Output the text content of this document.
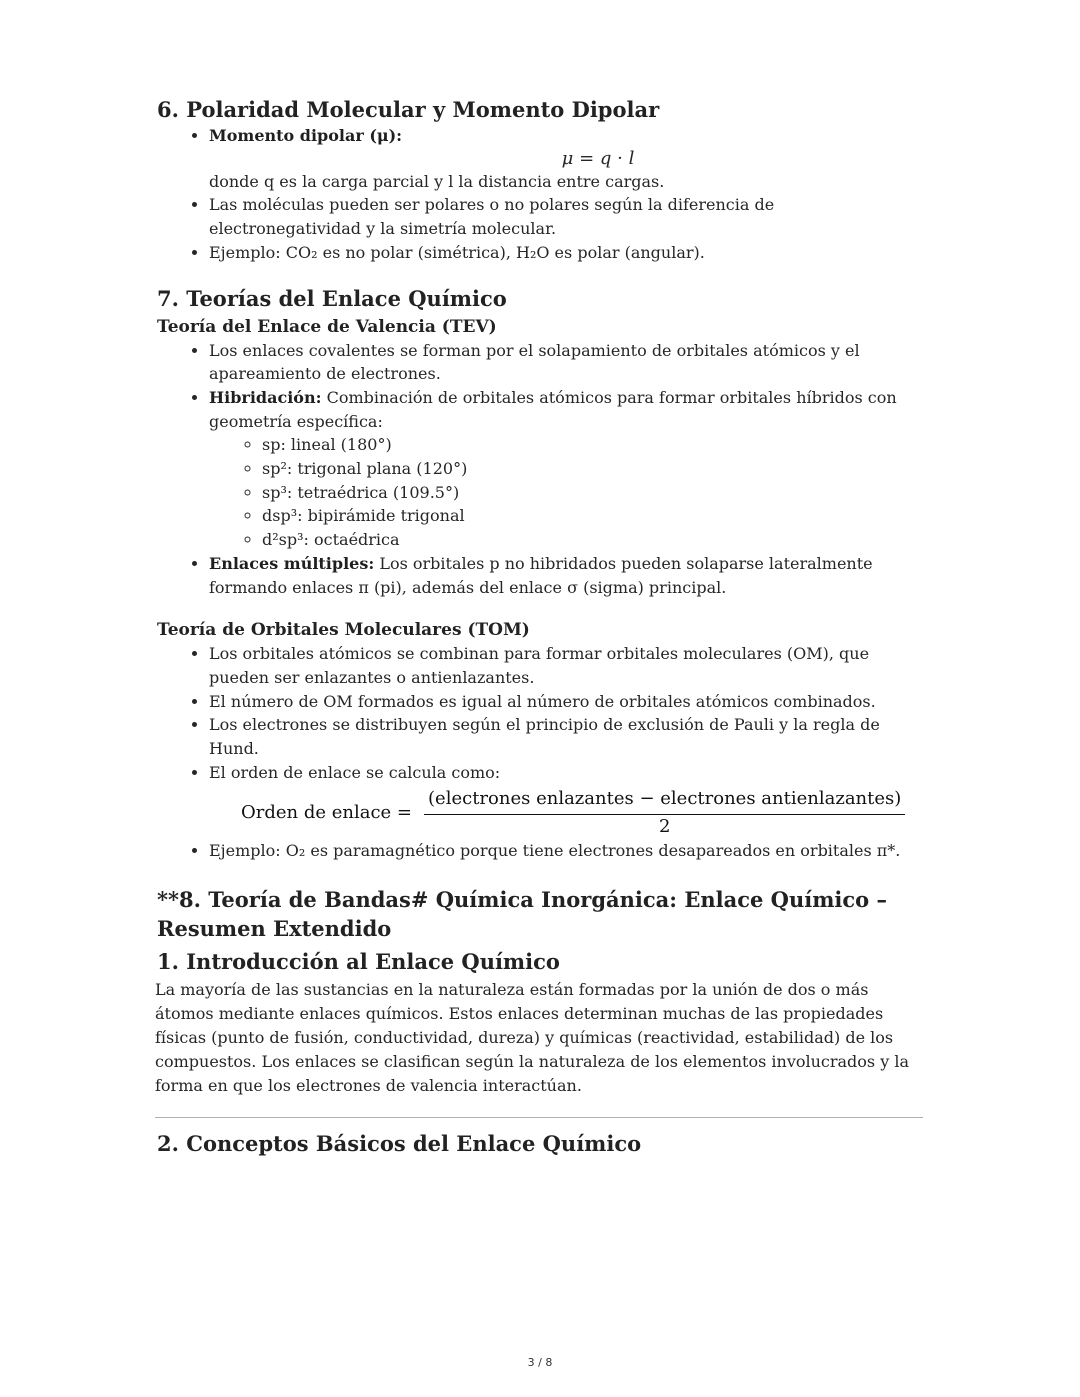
6. Polaridad Molecular y Momento Dipolar
• Momento dipolar (μ):
μ = q · l
donde q es la carga parcial y l la distancia entre cargas.
• Las moléculas pueden ser polares o no polares según la diferencia de electronegatividad y la simetría molecular.
• Ejemplo: CO₂ es no polar (simétrica), H₂O es polar (angular).
7. Teorías del Enlace Químico
Teoría del Enlace de Valencia (TEV)
• Los enlaces covalentes se forman por el solapamiento de orbitales atómicos y el apareamiento de electrones.
• Hibridación: Combinación de orbitales atómicos para formar orbitales híbridos con geometría específica:
◦ sp: lineal (180°)
◦ sp²: trigonal plana (120°)
◦ sp³: tetraédrica (109.5°)
◦ dsp³: bipirámide trigonal
◦ d²sp³: octaédrica
• Enlaces múltiples: Los orbitales p no hibridados pueden solaparse lateralmente formando enlaces π (pi), además del enlace σ (sigma) principal.
Teoría de Orbitales Moleculares (TOM)
• Los orbitales atómicos se combinan para formar orbitales moleculares (OM), que pueden ser enlazantes o antienlazantes.
• El número de OM formados es igual al número de orbitales atómicos combinados.
• Los electrones se distribuyen según el principio de exclusión de Pauli y la regla de Hund.
• El orden de enlace se calcula como:
Orden de enlace = $\frac{\text{(electrones enlazantes − electrones antienlazantes)}}{2}$
• Ejemplo: O₂ es paramagnético porque tiene electrones desapareados en orbitales π*.
**8. Teoría de Bandas# Química Inorgánica: Enlace Químico – Resumen Extendido
1. Introducción al Enlace Químico

La mayoría de las sustancias en la naturaleza están formadas por la unión de dos o más átomos mediante enlaces químicos. Estos enlaces determinan muchas de las propiedades físicas (punto de fusión, conductividad, dureza) y químicas (reactividad, estabilidad) de los compuestos. Los enlaces se clasifican según la naturaleza de los elementos involucrados y la forma en que los electrones de valencia interactúan.

2. Conceptos Básicos del Enlace Químico
3 / 8
